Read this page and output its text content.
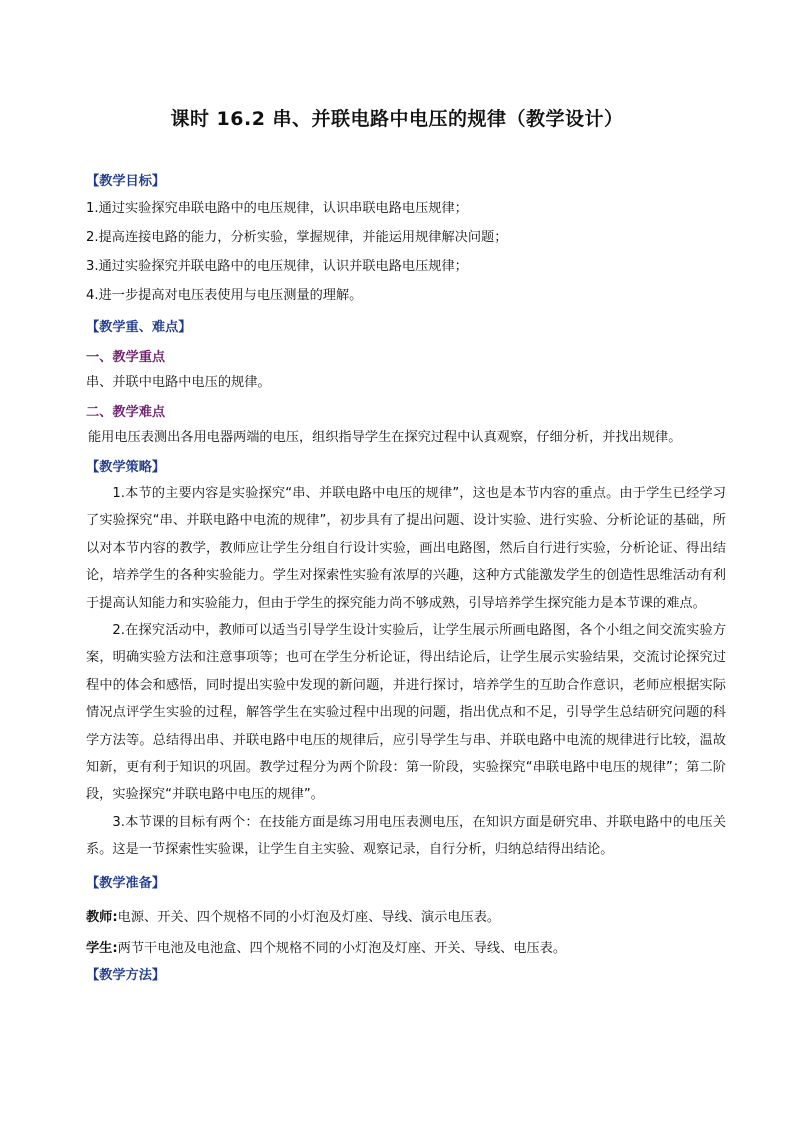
课时 16.2 串、并联电路中电压的规律（教学设计）

【教学目标】

1.通过实验探究串联电路中的电压规律，认识串联电路电压规律；

2.提高连接电路的能力，分析实验，掌握规律，并能运用规律解决问题；

3.通过实验探究并联电路中的电压规律，认识并联电路电压规律；

4.进一步提高对电压表使用与电压测量的理解。

【教学重、难点】

一、教学重点

串、并联中电路中电压的规律。

二、教学难点

能用电压表测出各用电器两端的电压，组织指导学生在探究过程中认真观察，仔细分析，并找出规律。

【教学策略】

1.本节的主要内容是实验探究“串、并联电路中电压的规律”，这也是本节内容的重点。由于学生已经学习了实验探究“串、并联电路中电流的规律”，初步具有了提出问题、设计实验、进行实验、分析论证的基础，所以对本节内容的教学，教师应让学生分组自行设计实验，画出电路图，然后自行进行实验，分析论证、得出结论，培养学生的各种实验能力。学生对探索性实验有浓厚的兴趣，这种方式能激发学生的创造性思维活动有利于提高认知能力和实验能力，但由于学生的探究能力尚不够成熟，引导培养学生探究能力是本节课的难点。

2.在探究活动中，教师可以适当引导学生设计实验后，让学生展示所画电路图，各个小组之间交流实验方案，明确实验方法和注意事项等；也可在学生分析论证，得出结论后，让学生展示实验结果，交流讨论探究过程中的体会和感悟，同时提出实验中发现的新问题，并进行探讨，培养学生的互助合作意识，老师应根据实际情况点评学生实验的过程，解答学生在实验过程中出现的问题，指出优点和不足，引导学生总结研究问题的科学方法等。总结得出串、并联电路中电压的规律后，应引导学生与串、并联电路中电流的规律进行比较，温故知新，更有利于知识的巩固。教学过程分为两个阶段：第一阶段，实验探究“串联电路中电压的规律”；第二阶段，实验探究“并联电路中电压的规律”。

3.本节课的目标有两个：在技能方面是练习用电压表测电压，在知识方面是研究串、并联电路中的电压关系。这是一节探索性实验课，让学生自主实验、观察记录，自行分析，归纳总结得出结论。

【教学准备】

教师:电源、开关、四个规格不同的小灯泡及灯座、导线、演示电压表。

学生:两节干电池及电池盒、四个规格不同的小灯泡及灯座、开关、导线、电压表。

【教学方法】
